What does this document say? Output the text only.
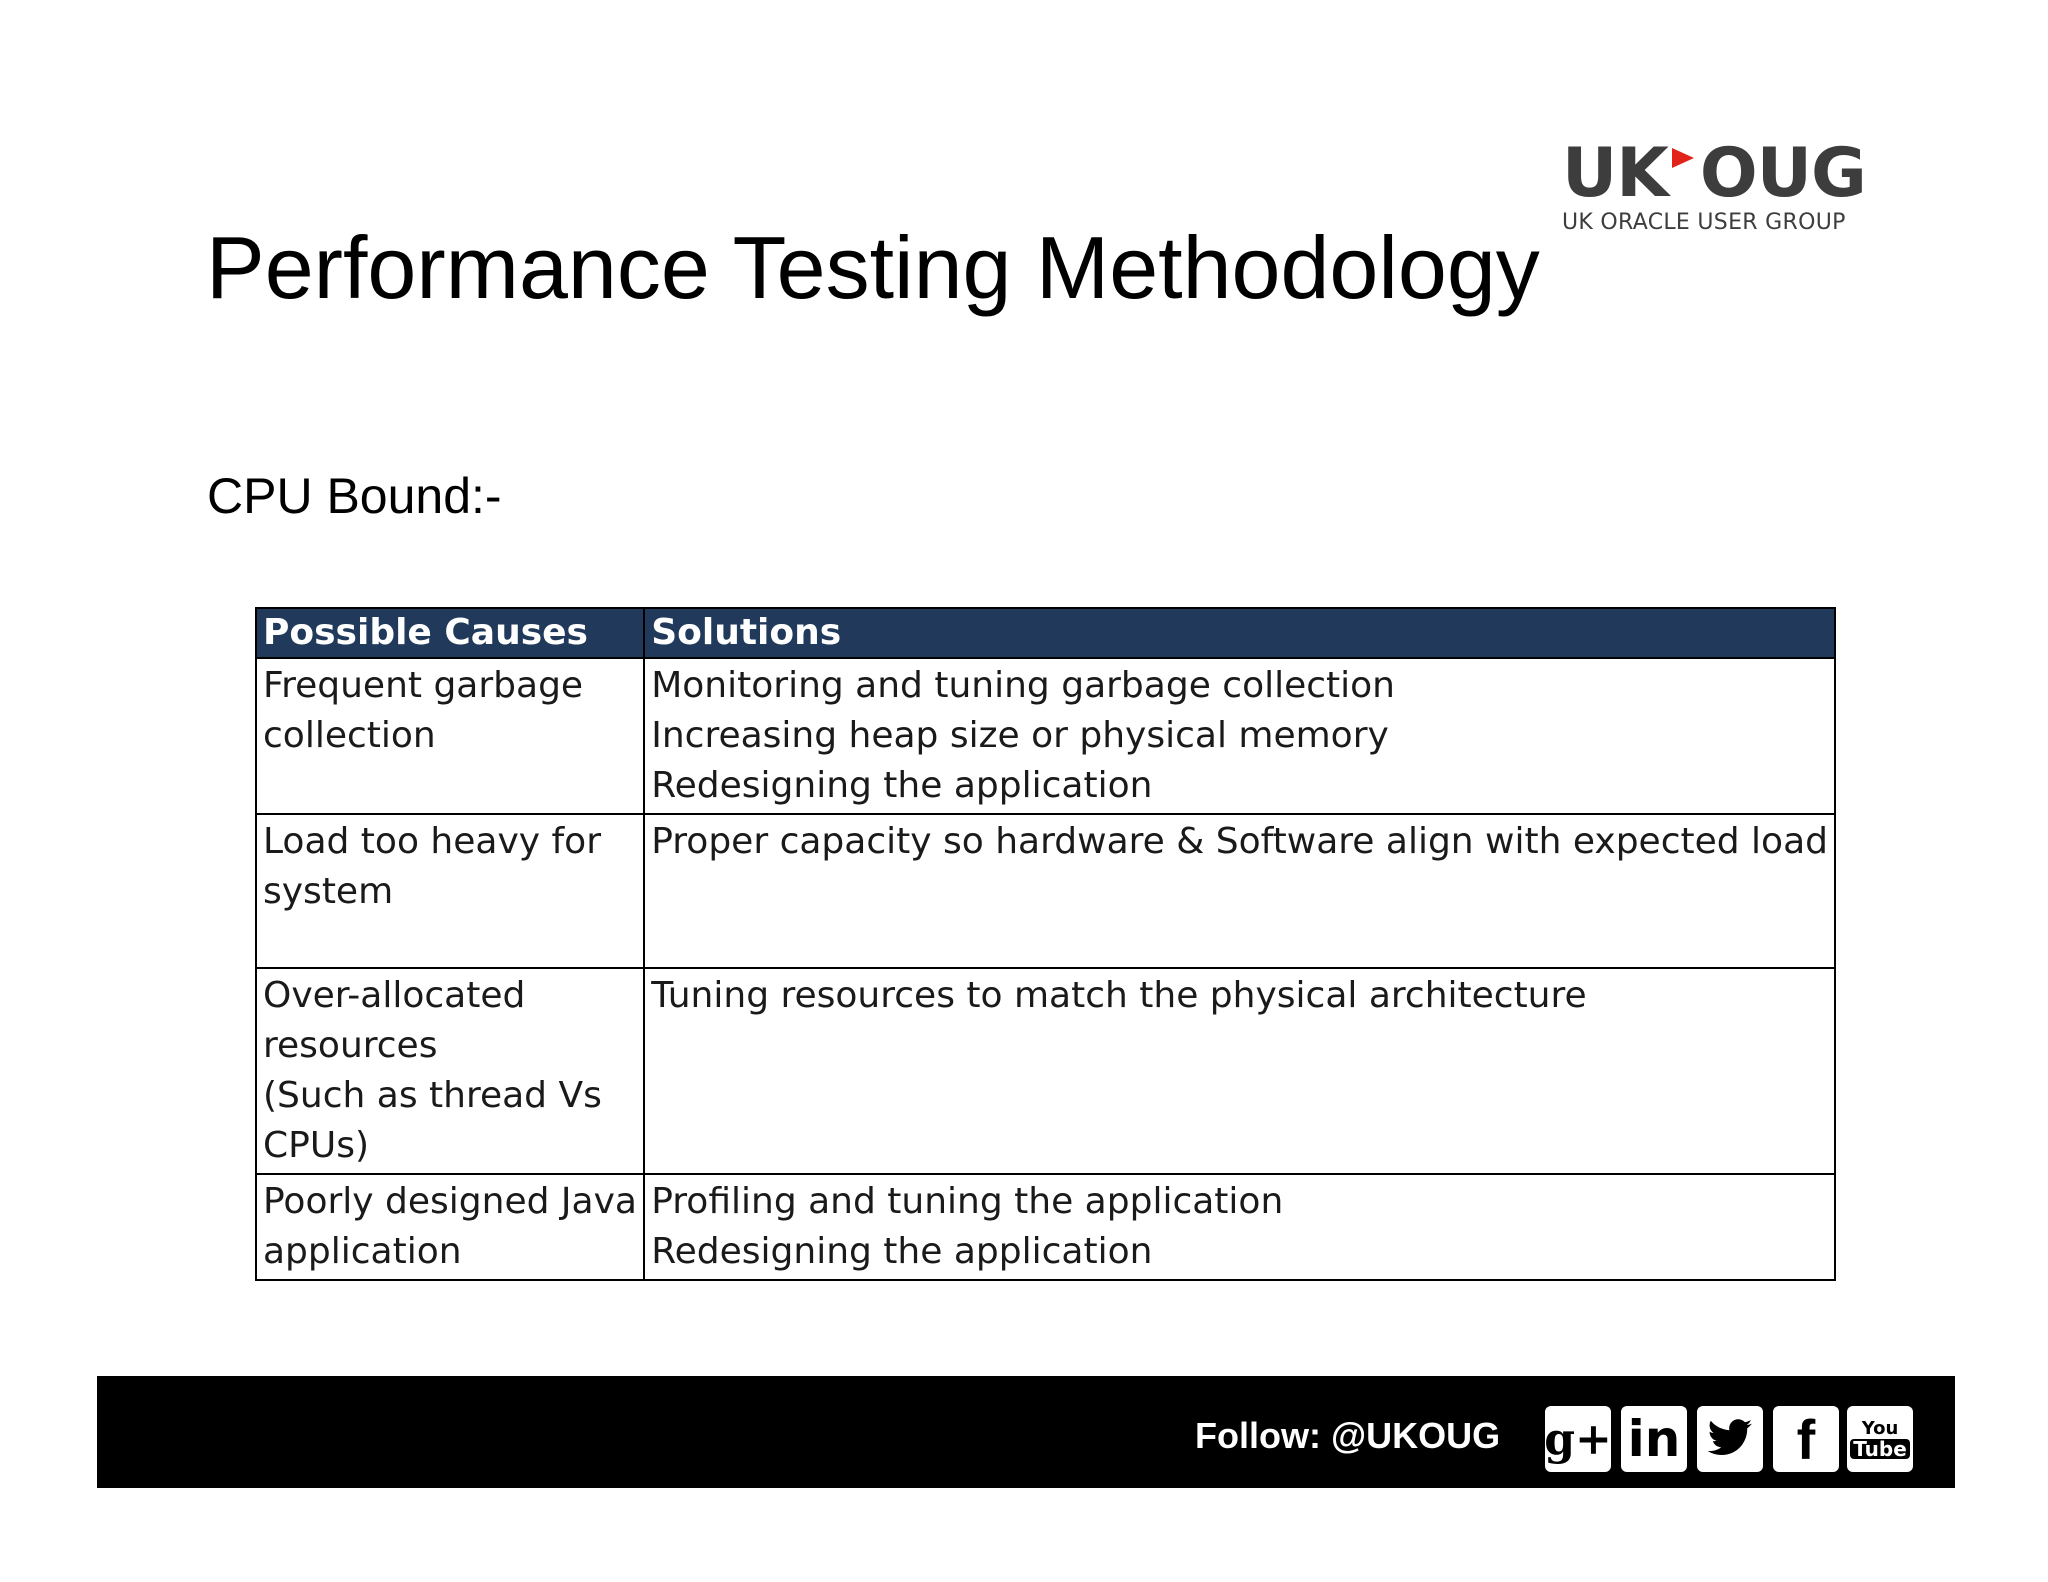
UK OUG
UK ORACLE USER GROUP
Performance Testing Methodology
CPU Bound:-
Possible Causes	Solutions
Frequent garbage
collection	Monitoring and tuning garbage collection
Increasing heap size or physical memory
Redesigning the application

Load too heavy for system	Proper capacity so hardware & Software align with expected load

Over-allocated resources
(Such as thread Vs CPUs)	Tuning resources to match the physical architecture

Poorly designed Java
application	Profiling and tuning the application
Redesigning the application
Follow: @UKOUG g+ in f	You
Tube
